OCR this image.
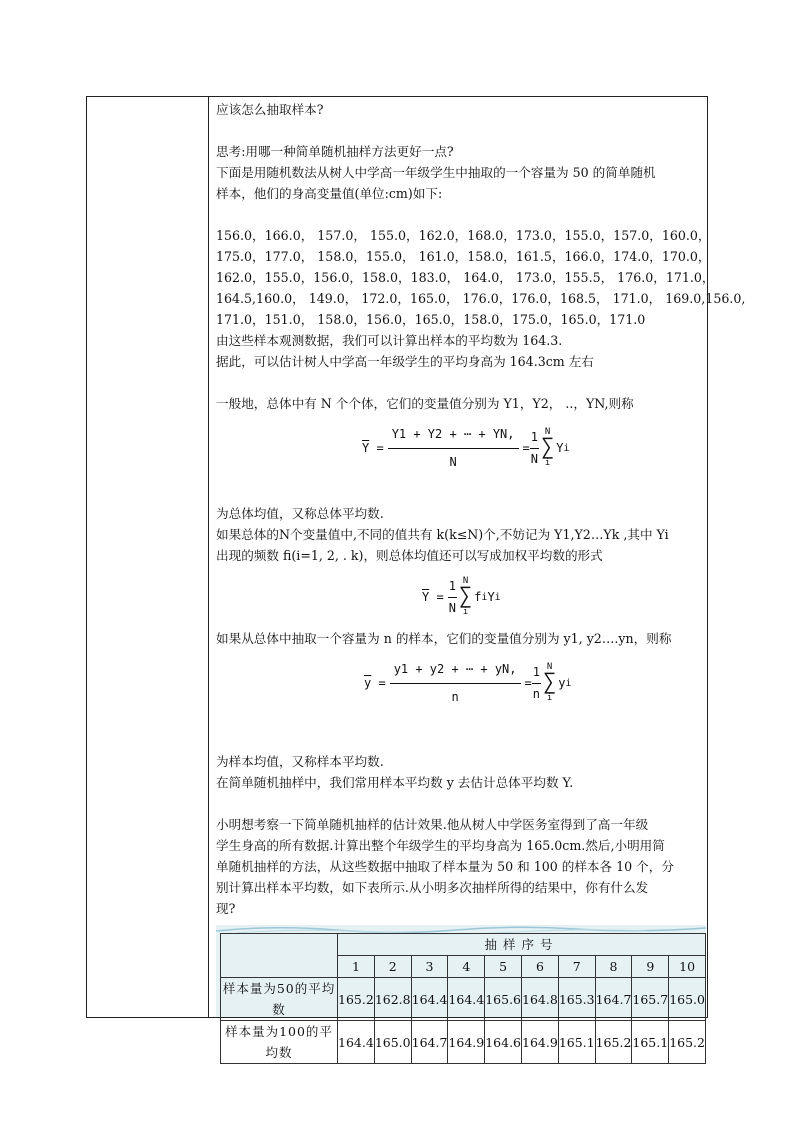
应该怎么抽取样本?

思考:用哪一种简单随机抽样方法更好一点?

下面是用随机数法从树人中学高一年级学生中抽取的一个容量为 50 的简单随机

样本，他们的身高变量值(单位:cm)如下:

156.0，166.0， 157.0， 155.0，162.0，168.0，173.0，155.0，157.0，160.0，

175.0，177.0， 158.0，155.0， 161.0，158.0，161.5，166.0，174.0，170.0，

162.0，155.0，156.0，158.0，183.0， 164.0， 173.0，155.5， 176.0，171.0，

164.5,160.0， 149.0， 172.0，165.0， 176.0，176.0，168.5， 171.0， 169.0,156.0,

171.0，151.0， 158.0，156.0，165.0，158.0，175.0，165.0，171.0

由这些样本观测数据，我们可以计算出样本的平均数为 164.3.

据此，可以估计树人中学高一年级学生的平均身高为 164.3cm 左右

一般地，总体中有 N 个个体，它们的变量值分别为 Y1，Y2， ..，YN,则称

$\overline{Y} = \frac{Y1 + Y2 + \cdots + YN,}{N} = \frac{1}{N}$ N
∑
i
Y i

为总体均值，又称总体平均数.

如果总体的N个变量值中,不同的值共有 k(k≤N)个,不妨记为 Y1,Y2…Yk ,其中 Yi

出现的频数 fi(i=1, 2, . k)，则总体均值还可以写成加权平均数的形式

$\overline{Y} = \frac{1}{N}$ N
∑
i
f i Y i

如果从总体中抽取一个容量为 n 的样本，它们的变量值分别为 y1, y2….yn，则称

$\overline{y} = \frac{y1 + y2 + \cdots + yN,}{n} = \frac{1}{n}$ N
∑
i
y i

为样本均值，又称样本平均数.

在简单随机抽样中，我们常用样本平均数 y 去估计总体平均数 Y.

小明想考察一下简单随机抽样的估计效果.他从树人中学医务室得到了高一年级

学生身高的所有数据.计算出整个年级学生的平均身高为 165.0cm.然后,小明用简

单随机抽样的方法，从这些数据中抽取了样本量为 50 和 100 的样本各 10 个，分

别计算出样本平均数，如下表所示.从小明多次抽样所得的结果中，你有什么发

现?

	抽样序号									
	1	2	3	4	5	6	7	8	9	10
样本量为50的平均数	165.2	162.8	164.4	164.4	165.6	164.8	165.3	164.7	165.7	165.0
样本量为100的平均数	164.4	165.0	164.7	164.9	164.6	164.9	165.1	165.2	165.1	165.2
